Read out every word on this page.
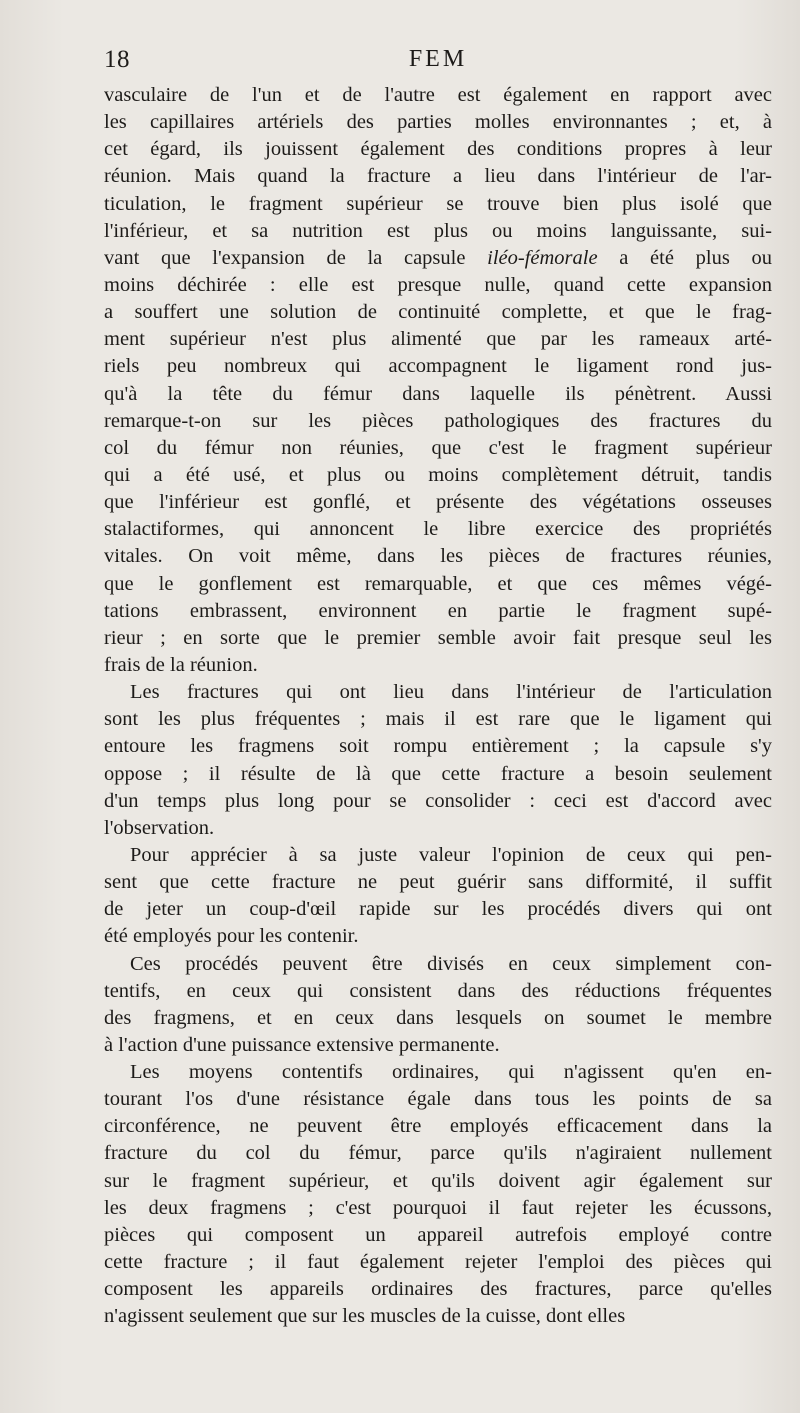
18	FEM
vasculaire de l'un et de l'autre est également en rapport avec
les capillaires artériels des parties molles environnantes ; et, à
cet égard, ils jouissent également des conditions propres à leur
réunion. Mais quand la fracture a lieu dans l'intérieur de l'ar-
ticulation, le fragment supérieur se trouve bien plus isolé que
l'inférieur, et sa nutrition est plus ou moins languissante, sui-
vant que l'expansion de la capsule iléo-fémorale a été plus ou
moins déchirée : elle est presque nulle, quand cette expansion
a souffert une solution de continuité complette, et que le frag-
ment supérieur n'est plus alimenté que par les rameaux arté-
riels peu nombreux qui accompagnent le ligament rond jus-
qu'à la tête du fémur dans laquelle ils pénètrent. Aussi
remarque-t-on sur les pièces pathologiques des fractures du
col du fémur non réunies, que c'est le fragment supérieur
qui a été usé, et plus ou moins complètement détruit, tandis
que l'inférieur est gonflé, et présente des végétations osseuses
stalactiformes, qui annoncent le libre exercice des propriétés
vitales. On voit même, dans les pièces de fractures réunies,
que le gonflement est remarquable, et que ces mêmes végé-
tations embrassent, environnent en partie le fragment supé-
rieur ; en sorte que le premier semble avoir fait presque seul les
frais de la réunion.
Les fractures qui ont lieu dans l'intérieur de l'articulation
sont les plus fréquentes ; mais il est rare que le ligament qui
entoure les fragmens soit rompu entièrement ; la capsule s'y
oppose ; il résulte de là que cette fracture a besoin seulement
d'un temps plus long pour se consolider : ceci est d'accord avec
l'observation.
Pour apprécier à sa juste valeur l'opinion de ceux qui pen-
sent que cette fracture ne peut guérir sans difformité, il suffit
de jeter un coup-d'œil rapide sur les procédés divers qui ont
été employés pour les contenir.
Ces procédés peuvent être divisés en ceux simplement con-
tentifs, en ceux qui consistent dans des réductions fréquentes
des fragmens, et en ceux dans lesquels on soumet le membre
à l'action d'une puissance extensive permanente.
Les moyens contentifs ordinaires, qui n'agissent qu'en en-
tourant l'os d'une résistance égale dans tous les points de sa
circonférence, ne peuvent être employés efficacement dans la
fracture du col du fémur, parce qu'ils n'agiraient nullement
sur le fragment supérieur, et qu'ils doivent agir également sur
les deux fragmens ; c'est pourquoi il faut rejeter les écussons,
pièces qui composent un appareil autrefois employé contre
cette fracture ; il faut également rejeter l'emploi des pièces qui
composent les appareils ordinaires des fractures, parce qu'elles
n'agissent seulement que sur les muscles de la cuisse, dont elles
